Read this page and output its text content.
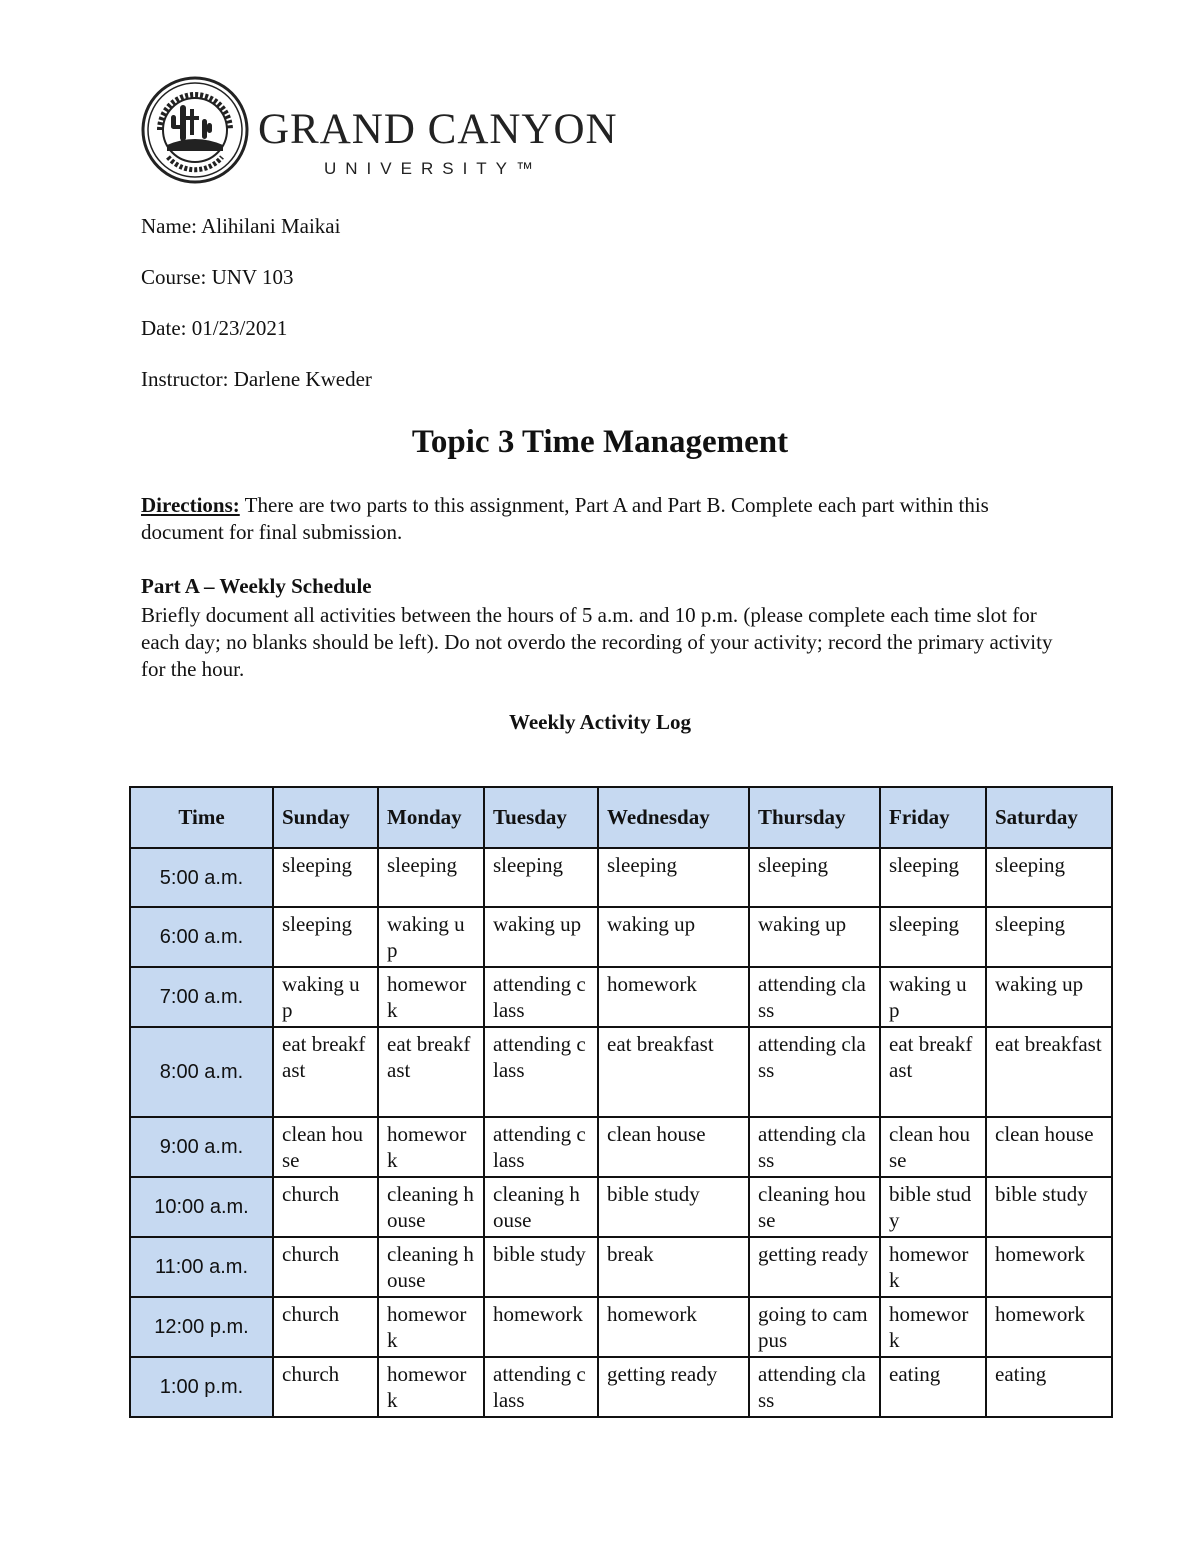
GRAND CANYON
UNIVERSITY™
Name: Alihilani Maikai
Course: UNV 103
Date: 01/23/2021
Instructor: Darlene Kweder
Topic 3 Time Management
Directions: There are two parts to this assignment, Part A and Part B. Complete each part within this document for final submission.
Part A – Weekly Schedule
Briefly document all activities between the hours of 5 a.m. and 10 p.m. (please complete each time slot for each day; no blanks should be left). Do not overdo the recording of your activity; record the primary activity for the hour.
Weekly Activity Log
Time	Sunday	Monday	Tuesday	Wednesday	Thursday	Friday	Saturday
5:00 a.m.	sleeping	sleeping	sleeping	sleeping	sleeping	sleeping	sleeping
6:00 a.m.	sleeping	waking up	waking up	waking up	waking up	sleeping	sleeping
7:00 a.m.	waking up	homework	attending class	homework	attending class	waking up	waking up
8:00 a.m.	eat breakfast	eat breakfast	attending class	eat breakfast	attending class	eat breakfast	eat breakfast
9:00 a.m.	clean house	homework	attending class	clean house	attending class	clean house	clean house
10:00 a.m.	church	cleaning house	cleaning house	bible study	cleaning house	bible study	bible study
11:00 a.m.	church	cleaning house	bible study	break	getting ready	homework	homework
12:00 p.m.	church	homework	homework	homework	going to campus	homework	homework
1:00 p.m.	church	homework	attending class	getting ready	attending class	eating	eating
